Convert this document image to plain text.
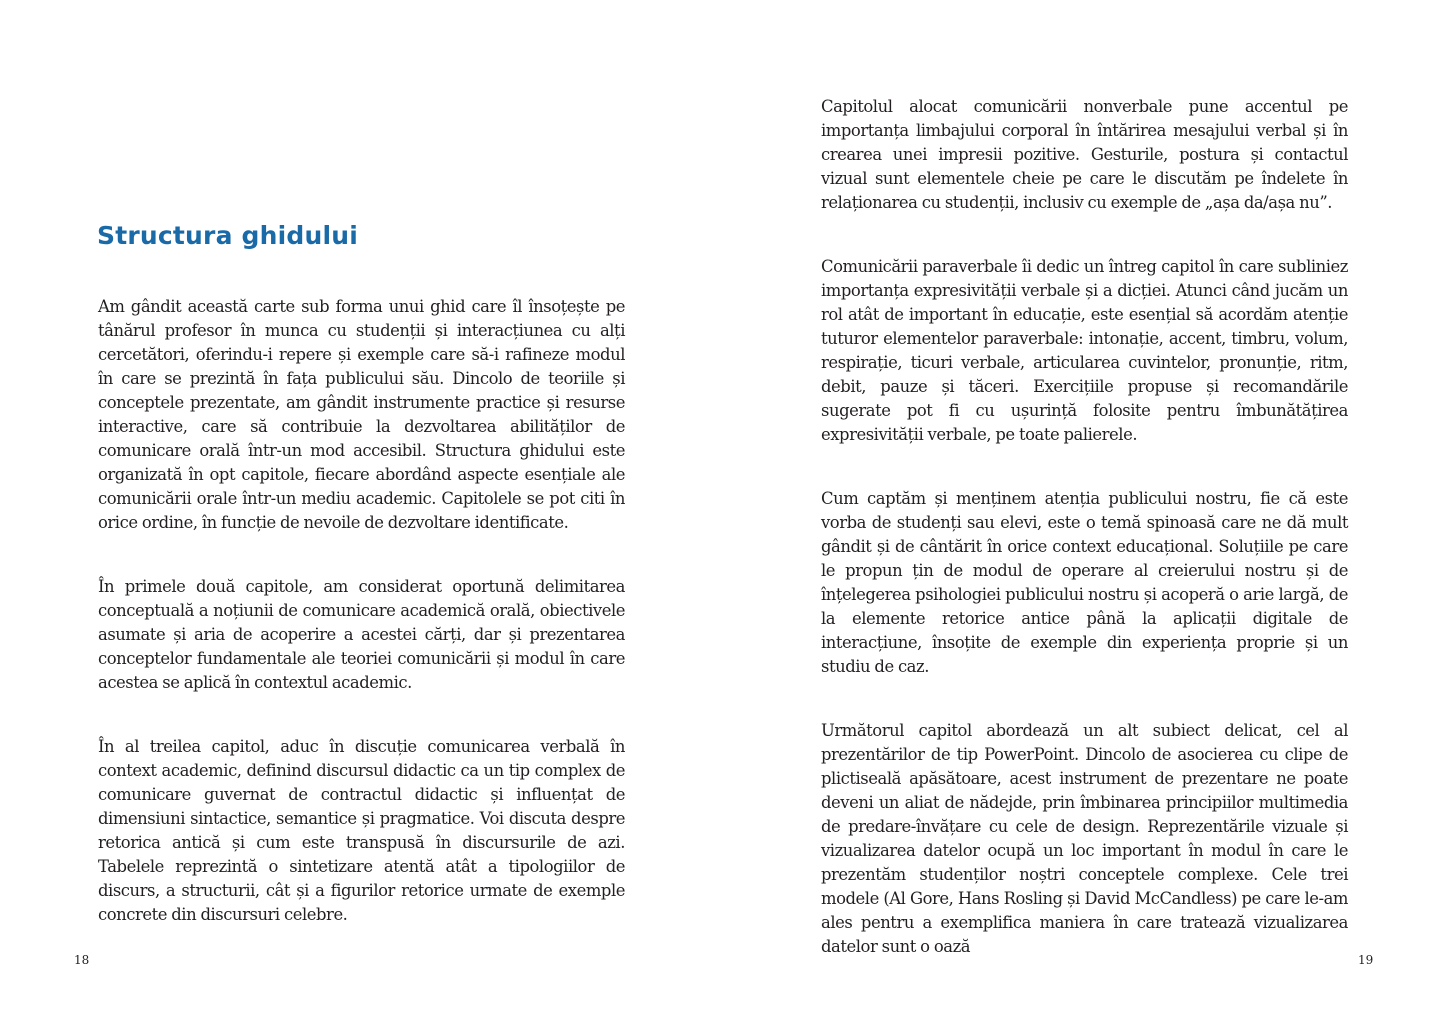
Structura ghidului

Am gândit această carte sub forma unui ghid care îl însoțește pe tânărul profesor în munca cu studenții și interacțiunea cu alți cercetători, oferindu-i repere și exemple care să-i rafineze modul în care se prezintă în fața publicului său. Dincolo de teoriile și conceptele prezentate, am gândit instrumente practice și resurse interactive, care să contribuie la dezvoltarea abilităților de comunicare orală într-un mod accesibil. Structura ghidului este organizată în opt capitole, fiecare abordând aspecte esențiale ale comunicării orale într-un mediu academic. Capitolele se pot citi în orice ordine, în funcție de nevoile de dezvoltare identificate.

În primele două capitole, am considerat oportună delimitarea conceptuală a noțiunii de comunicare academică orală, obiectivele asumate și aria de acoperire a acestei cărți, dar și prezentarea conceptelor fundamentale ale teoriei comunicării și modul în care acestea se aplică în contextul academic.

În al treilea capitol, aduc în discuție comunicarea verbală în context academic, definind discursul didactic ca un tip complex de comunicare guvernat de contractul didactic și influențat de dimensiuni sintactice, semantice și pragmatice. Voi discuta despre retorica antică și cum este transpusă în discursurile de azi. Tabelele reprezintă o sintetizare atentă atât a tipologiilor de discurs, a structurii, cât și a figurilor retorice urmate de exemple concrete din discursuri celebre.

18

Capitolul alocat comunicării nonverbale pune accentul pe importanța limbajului corporal în întărirea mesajului verbal și în crearea unei impresii pozitive. Gesturile, postura și contactul vizual sunt elementele cheie pe care le discutăm pe îndelete în relaționarea cu studenții, inclusiv cu exemple de „așa da/așa nu”.

Comunicării paraverbale îi dedic un întreg capitol în care subliniez importanța expresivității verbale și a dicției. Atunci când jucăm un rol atât de important în educație, este esențial să acordăm atenție tuturor elementelor paraverbale: intonație, accent, timbru, volum, respirație, ticuri verbale, articularea cuvintelor, pronunție, ritm, debit, pauze și tăceri. Exercițiile propuse și recomandările sugerate pot fi cu ușurință folosite pentru îmbunătățirea expresivității verbale, pe toate palierele.

Cum captăm și menținem atenția publicului nostru, fie că este vorba de studenți sau elevi, este o temă spinoasă care ne dă mult gândit și de cântărit în orice context educațional. Soluțiile pe care le propun țin de modul de operare al creierului nostru și de înțelegerea psihologiei publicului nostru și acoperă o arie largă, de la elemente retorice antice până la aplicații digitale de interacțiune, însoțite de exemple din experiența proprie și un studiu de caz.

Următorul capitol abordează un alt subiect delicat, cel al prezentărilor de tip PowerPoint. Dincolo de asocierea cu clipe de plictiseală apăsătoare, acest instrument de prezentare ne poate deveni un aliat de nădejde, prin îmbinarea principiilor multimedia de predare-învățare cu cele de design. Reprezentările vizuale și vizualizarea datelor ocupă un loc important în modul în care le prezentăm studenților noștri conceptele complexe. Cele trei modele (Al Gore, Hans Rosling și David McCandless) pe care le-am ales pentru a exemplifica maniera în care tratează vizualizarea datelor sunt o oază

19
